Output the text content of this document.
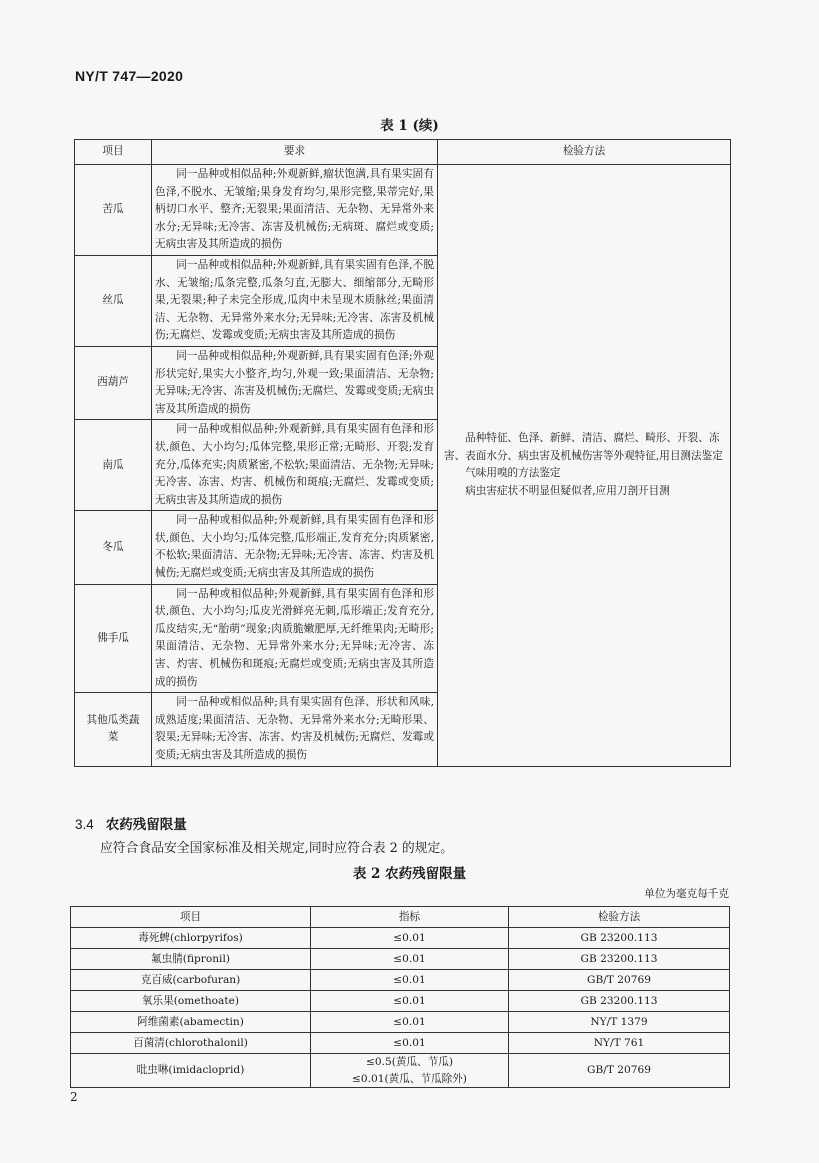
NY/T 747—2020
表 1 (续)
项目	要求	检验方法
苦瓜	同一品种或相似品种;外观新鲜,瘤状饱满,具有果实固有色泽,不脱水、无皱缩;果身发育均匀,果形完整,果蒂完好,果柄切口水平、整齐;无裂果;果面清洁、无杂物、无异常外来水分;无异味;无冷害、冻害及机械伤;无病斑、腐烂或变质;无病虫害及其所造成的损伤	品种特征、色泽、新鲜、清洁、腐烂、畸形、开裂、冻害、表面水分、病虫害及机械伤害等外观特征,用目测法鉴定

气味用嗅的方法鉴定

病虫害症状不明显但疑似者,应用刀剖开目测

丝瓜	同一品种或相似品种;外观新鲜,具有果实固有色泽,不脱水、无皱缩;瓜条完整,瓜条匀直,无膨大、细缩部分,无畸形果,无裂果;种子未完全形成,瓜肉中未呈现木质脉丝;果面清洁、无杂物、无异常外来水分;无异味;无冷害、冻害及机械伤;无腐烂、发霉或变质;无病虫害及其所造成的损伤	
西葫芦	同一品种或相似品种;外观新鲜,具有果实固有色泽;外观形状完好,果实大小整齐,均匀,外观一致;果面清洁、无杂物;无异味;无冷害、冻害及机械伤;无腐烂、发霉或变质;无病虫害及其所造成的损伤	
南瓜	同一品种或相似品种;外观新鲜,具有果实固有色泽和形状,颜色、大小均匀;瓜体完整,果形正常;无畸形、开裂;发育充分,瓜体充实;肉质紧密,不松软;果面清洁、无杂物;无异味;无冷害、冻害、灼害、机械伤和斑痕;无腐烂、发霉或变质;无病虫害及其所造成的损伤	
冬瓜	同一品种或相似品种;外观新鲜,具有果实固有色泽和形状,颜色、大小均匀;瓜体完整,瓜形端正,发育充分;肉质紧密,不松软;果面清洁、无杂物;无异味;无冷害、冻害、灼害及机械伤;无腐烂或变质;无病虫害及其所造成的损伤	
佛手瓜	同一品种或相似品种;外观新鲜,具有果实固有色泽和形状,颜色、大小均匀;瓜皮光滑鲜亮无刺,瓜形端正;发育充分,瓜皮结实,无“胎萌”现象;肉质脆嫩肥厚,无纤维果肉;无畸形;果面清洁、无杂物、无异常外来水分;无异味;无冷害、冻害、灼害、机械伤和斑痕;无腐烂或变质;无病虫害及其所造成的损伤	
其他瓜类蔬菜	同一品种或相似品种;具有果实固有色泽、形状和风味,成熟适度;果面清洁、无杂物、无异常外来水分;无畸形果、裂果;无异味;无冷害、冻害、灼害及机械伤;无腐烂、发霉或变质;无病虫害及其所造成的损伤	
3.4 农药残留限量
应符合食品安全国家标准及相关规定,同时应符合表 2 的规定。
表 2 农药残留限量
单位为毫克每千克
项目	指标	检验方法
毒死蜱(chlorpyrifos)	≤0.01	GB 23200.113
氟虫腈(fipronil)	≤0.01	GB 23200.113
克百威(carbofuran)	≤0.01	GB/T 20769
氧乐果(omethoate)	≤0.01	GB 23200.113
阿维菌素(abamectin)	≤0.01	NY/T 1379
百菌清(chlorothalonil)	≤0.01	NY/T 761
吡虫啉(imidacloprid)	≤0.5(黄瓜、节瓜)
≤0.01(黄瓜、节瓜除外)	GB/T 20769
2
